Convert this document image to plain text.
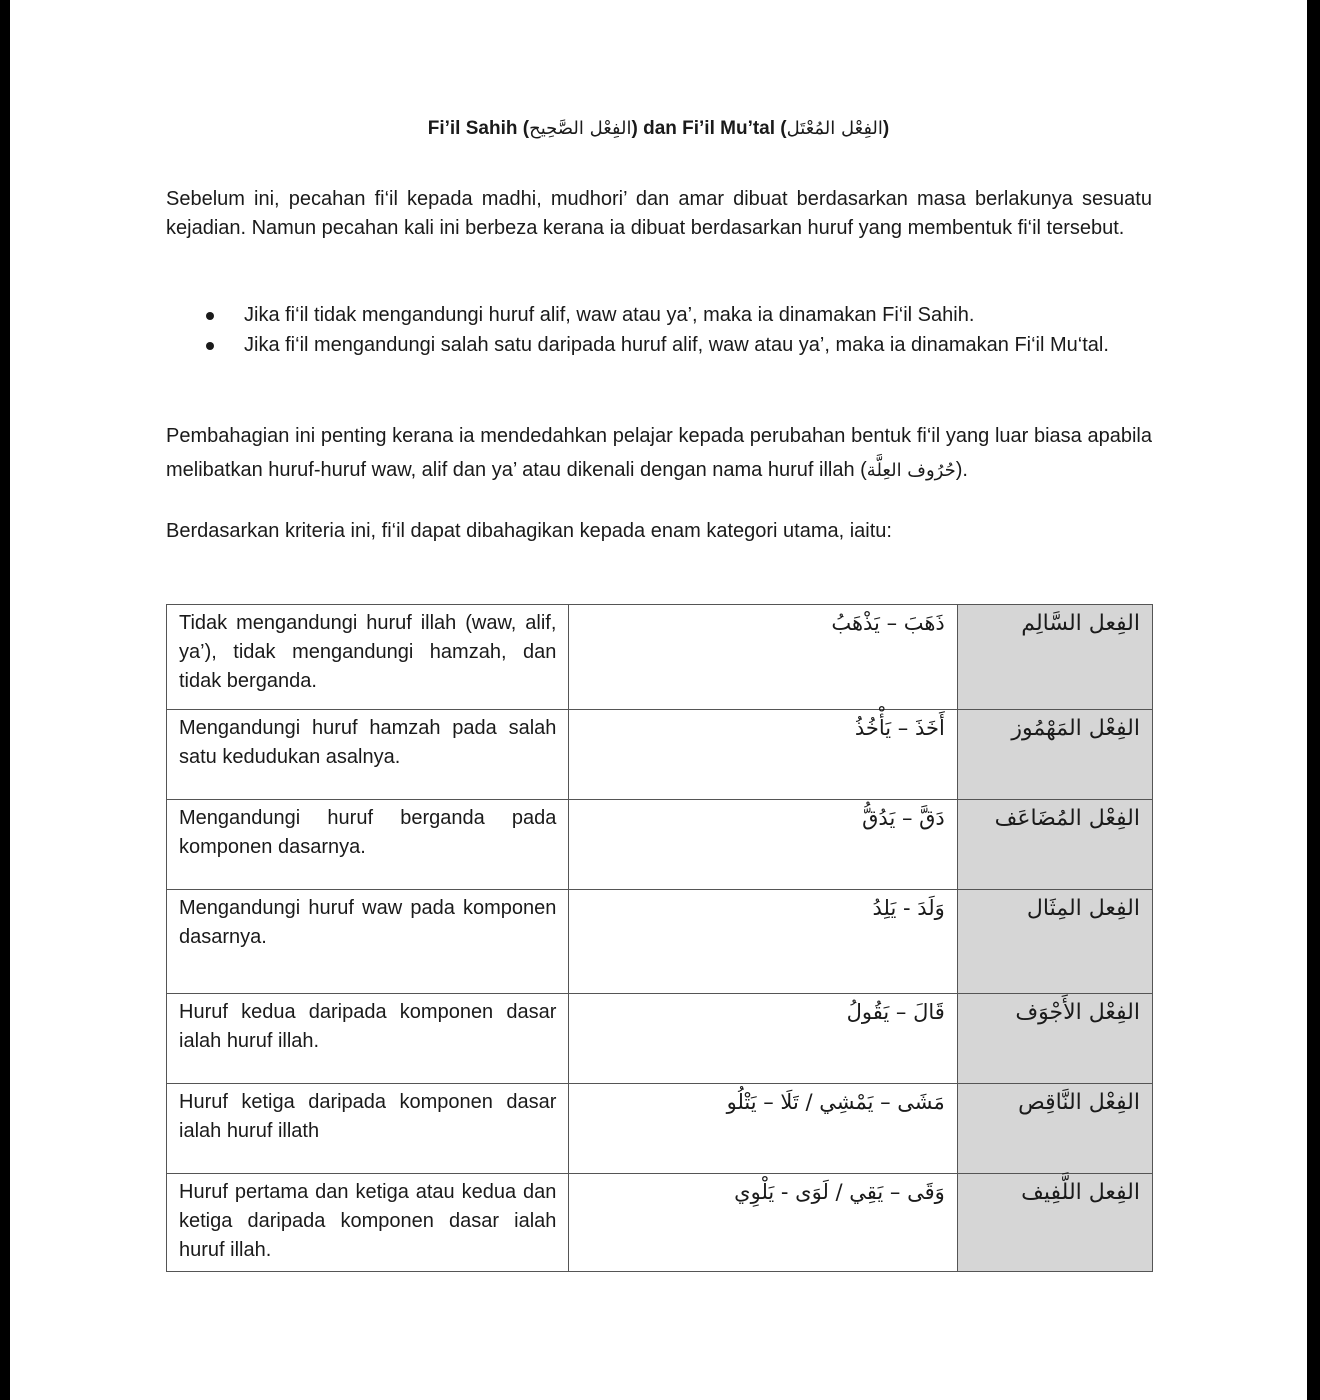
Fi’il Sahih (الفِعْل الصَّحِيح) dan Fi’il Mu’tal (الفِعْل المُعْتَل)
Sebelum ini, pecahan fi‘il kepada madhi, mudhori’ dan amar dibuat berdasarkan masa berlakunya sesuatu kejadian. Namun pecahan kali ini berbeza kerana ia dibuat berdasarkan huruf yang membentuk fi‘il tersebut.
Jika fi‘il tidak mengandungi huruf alif, waw atau ya’, maka ia dinamakan Fi‘il Sahih.
Jika fi‘il mengandungi salah satu daripada huruf alif, waw atau ya’, maka ia dinamakan Fi‘il Mu‘tal.
Pembahagian ini penting kerana ia mendedahkan pelajar kepada perubahan bentuk fi‘il yang luar biasa apabila melibatkan huruf-huruf waw, alif dan ya’ atau dikenali dengan nama huruf illah (حُرُوف العِلَّة).
Berdasarkan kriteria ini, fi‘il dapat dibahagikan kepada enam kategori utama, iaitu:
Tidak mengandungi huruf illah (waw, alif, ya’), tidak mengandungi hamzah, dan tidak berganda.	ذَهَبَ – يَذْهَبُ	الفِعل السَّالِم
Mengandungi huruf hamzah pada salah satu kedudukan asalnya.	أَخَذَ – يَأْخُذُ	الفِعْل المَهْمُوز
Mengandungi huruf berganda pada komponen dasarnya.	دَقَّ – يَدُقُّ	الفِعْل المُضَاعَف
Mengandungi huruf waw pada komponen dasarnya.	وَلَدَ - يَلِدُ	الفِعل المِثَال
Huruf kedua daripada komponen dasar ialah huruf illah.	قَالَ – يَقُولُ	الفِعْل الأَجْوَف
Huruf ketiga daripada komponen dasar ialah huruf illath	مَشَى – يَمْشِي / تَلَا – يَتْلُو	الفِعْل النَّاقِص
Huruf pertama dan ketiga atau kedua dan ketiga daripada komponen dasar ialah huruf illah.	وَقَى – يَقِي / لَوَى - يَلْوِي	الفِعل اللَّفِيف
